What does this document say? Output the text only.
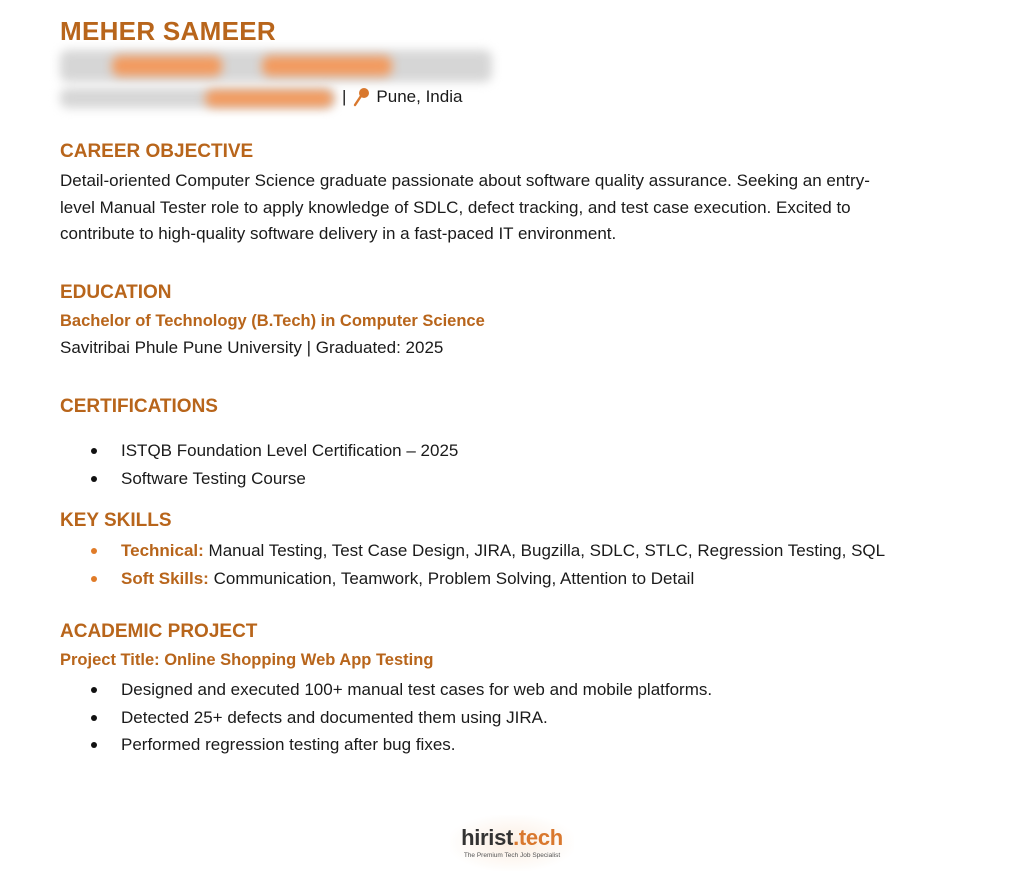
MEHER SAMEER
| Pune, India
CAREER OBJECTIVE
Detail-oriented Computer Science graduate passionate about software quality assurance. Seeking an entry-
level Manual Tester role to apply knowledge of SDLC, defect tracking, and test case execution. Excited to
contribute to high-quality software delivery in a fast-paced IT environment.
EDUCATION
Bachelor of Technology (B.Tech) in Computer Science
Savitribai Phule Pune University | Graduated: 2025
CERTIFICATIONS
ISTQB Foundation Level Certification – 2025
Software Testing Course
KEY SKILLS
Technical: Manual Testing, Test Case Design, JIRA, Bugzilla, SDLC, STLC, Regression Testing, SQL
Soft Skills: Communication, Teamwork, Problem Solving, Attention to Detail
ACADEMIC PROJECT
Project Title: Online Shopping Web App Testing
Designed and executed 100+ manual test cases for web and mobile platforms.
Detected 25+ defects and documented them using JIRA.
Performed regression testing after bug fixes.
hirist.tech
The Premium Tech Job Specialist
